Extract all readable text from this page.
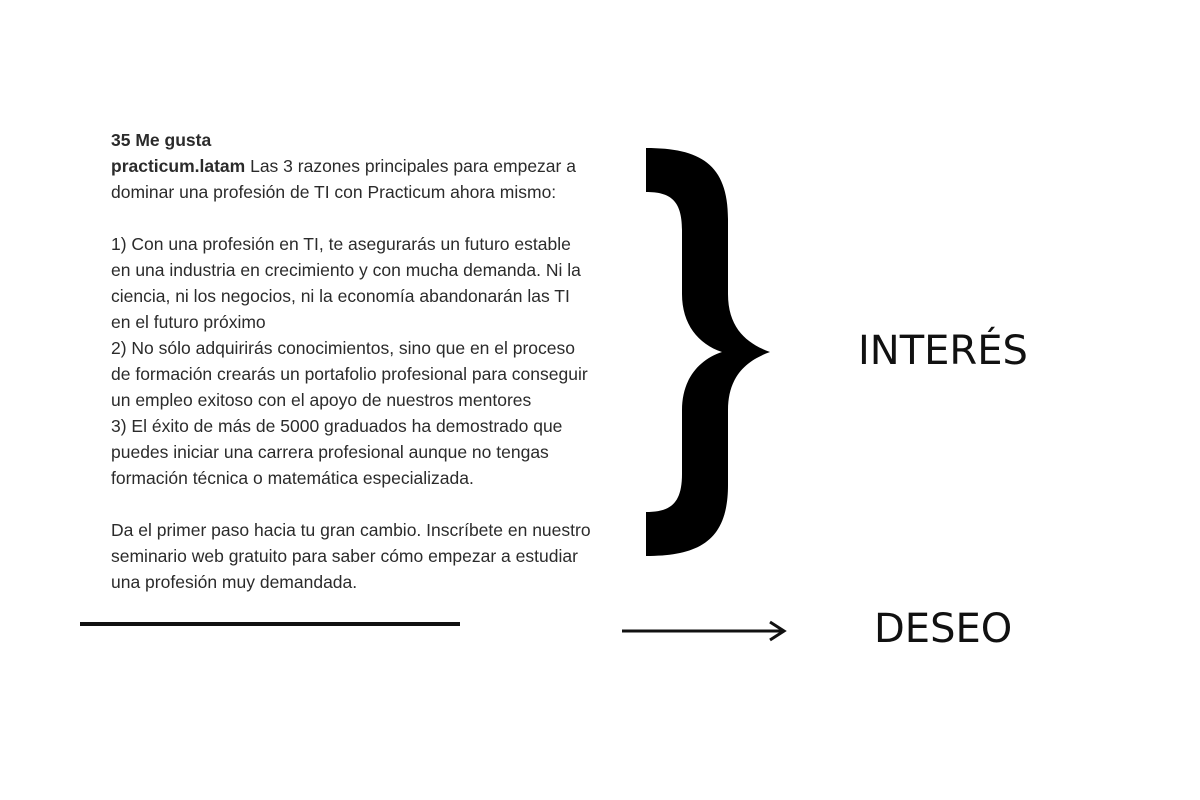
35 Me gusta

practicum.latam Las 3 razones principales para empezar a dominar una profesión de TI con Practicum ahora mismo:

1) Con una profesión en TI, te asegurarás un futuro estable en una industria en crecimiento y con mucha demanda. Ni la ciencia, ni los negocios, ni la economía abandonarán las TI en el futuro próximo

2) No sólo adquirirás conocimientos, sino que en el proceso de formación crearás un portafolio profesional para conseguir un empleo exitoso con el apoyo de nuestros mentores

3) El éxito de más de 5000 graduados ha demostrado que puedes iniciar una carrera profesional aunque no tengas formación técnica o matemática especializada.

Da el primer paso hacia tu gran cambio. Inscríbete en nuestro seminario web gratuito para saber cómo empezar a estudiar una profesión muy demandada.

INTERÉS
DESEO
